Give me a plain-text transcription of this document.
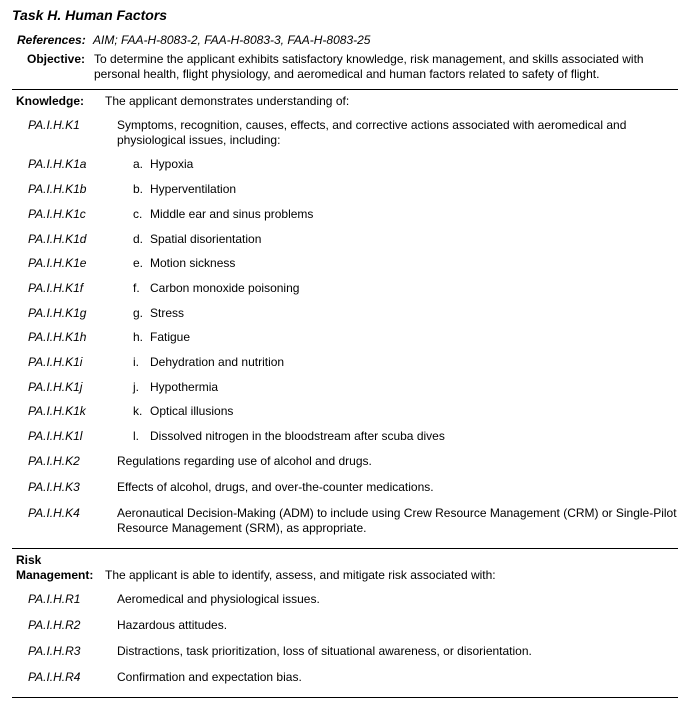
Task H. Human Factors
References: AIM; FAA-H-8083-2, FAA-H-8083-3, FAA-H-8083-25
Objective: To determine the applicant exhibits satisfactory knowledge, risk management, and skills associated with personal health, flight physiology, and aeromedical and human factors related to safety of flight.
Knowledge: The applicant demonstrates understanding of:
PA.I.H.K1	Symptoms, recognition, causes, effects, and corrective actions associated with aeromedical and physiological issues, including:
PA.I.H.K1a	a. Hypoxia
PA.I.H.K1b	b. Hyperventilation
PA.I.H.K1c	c. Middle ear and sinus problems
PA.I.H.K1d	d. Spatial disorientation
PA.I.H.K1e	e. Motion sickness
PA.I.H.K1f	f. Carbon monoxide poisoning
PA.I.H.K1g	g. Stress
PA.I.H.K1h	h. Fatigue
PA.I.H.K1i	i. Dehydration and nutrition
PA.I.H.K1j	j. Hypothermia
PA.I.H.K1k	k. Optical illusions
PA.I.H.K1l	l. Dissolved nitrogen in the bloodstream after scuba dives
PA.I.H.K2	Regulations regarding use of alcohol and drugs.
PA.I.H.K3	Effects of alcohol, drugs, and over-the-counter medications.
PA.I.H.K4	Aeronautical Decision-Making (ADM) to include using Crew Resource Management (CRM) or Single-Pilot Resource Management (SRM), as appropriate.
Risk
Management: The applicant is able to identify, assess, and mitigate risk associated with:
PA.I.H.R1	Aeromedical and physiological issues.
PA.I.H.R2	Hazardous attitudes.
PA.I.H.R3	Distractions, task prioritization, loss of situational awareness, or disorientation.
PA.I.H.R4	Confirmation and expectation bias.
